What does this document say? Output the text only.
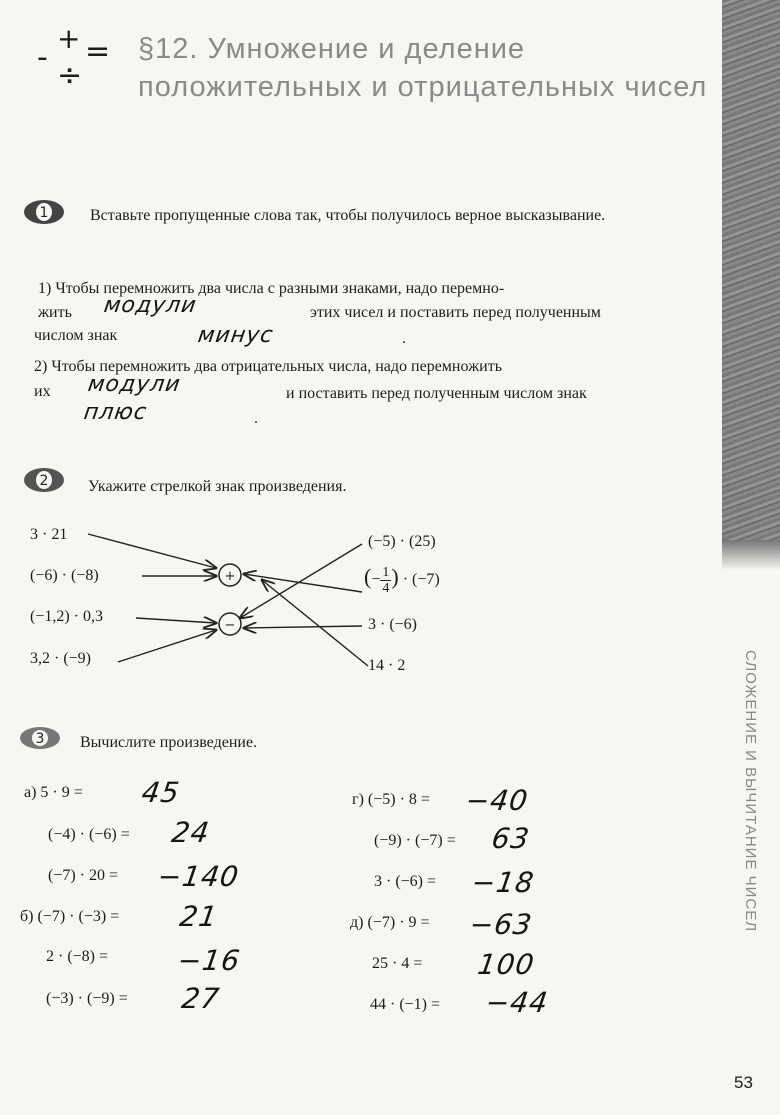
СЛОЖЕНИЕ И ВЫЧИТАНИЕ ЧИСЕЛ
-
+ =
÷
§12. Умножение и деление положительных и отрицательных чисел
1	Вставьте пропущенные слова так, чтобы получилось верное высказывание.
1) Чтобы перемножить два числа с разными знаками, надо перемно-
жить модули	этих чисел и поставить перед полученным
числом знак	минус	.
2) Чтобы перемножить два отрицательных числа, надо перемножить
их модули	и поставить перед полученным числом знак
плюс	.
2 Укажите стрелкой знак произведения.
3 · 21
(−6) · (−8)
(−1,2) · 0,3
3,2 · (−9)
(−5) · (25)
(− $\frac{1}{4}$ ) · (−7)
3 · (−6)
14 · 2
+
−
3 Вычислите произведение.
а) 5 · 9 = 45
(−4) · (−6) = 24
(−7) · 20 = −140
б) (−7) · (−3) = 21
2 · (−8) = −16
(−3) · (−9) = 27
г) (−5) · 8 = −40
(−9) · (−7) = 63
3 · (−6) = −18
д) (−7) · 9 = −63
25 · 4 = 100
44 · (−1) = −44
53
